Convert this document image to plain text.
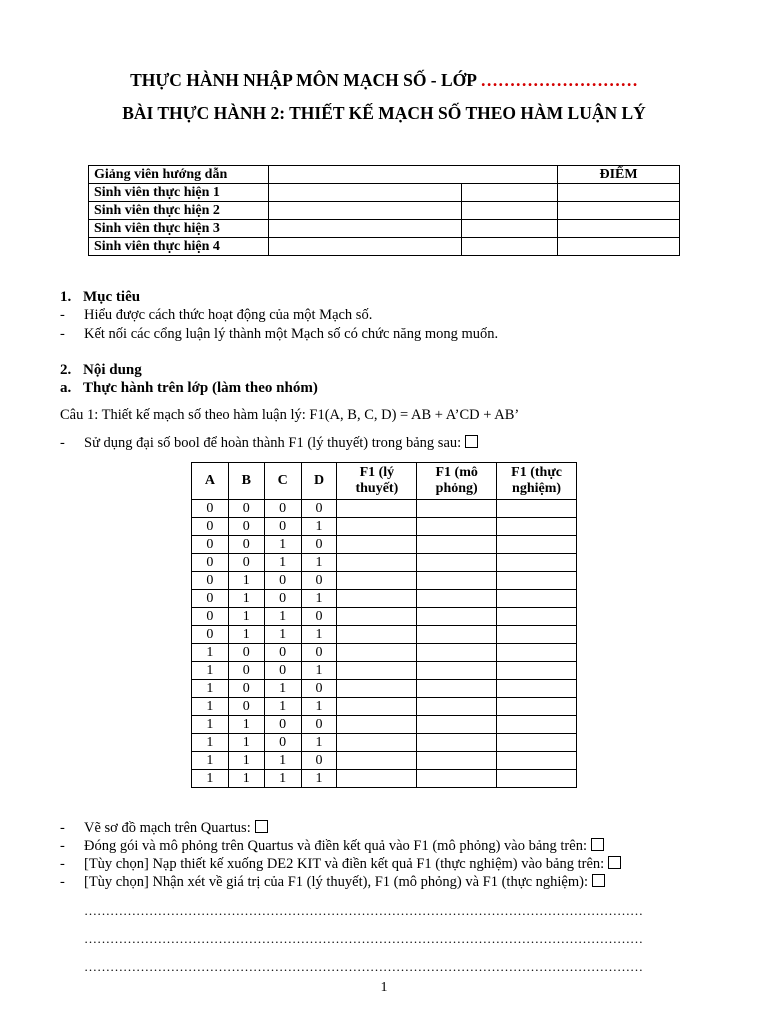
THỰC HÀNH NHẬP MÔN MẠCH SỐ - LỚP ………………………
BÀI THỰC HÀNH 2: THIẾT KẾ MẠCH SỐ THEO HÀM LUẬN LÝ
Giảng viên hướng dẫn			ĐIỂM
Sinh viên thực hiện 1			
Sinh viên thực hiện 2			
Sinh viên thực hiện 3			
Sinh viên thực hiện 4			
1. Mục tiêu
- Hiểu được cách thức hoạt động của một Mạch số.
- Kết nối các cổng luận lý thành một Mạch số có chức năng mong muốn.
2. Nội dung
a. Thực hành trên lớp (làm theo nhóm)
Câu 1: Thiết kế mạch số theo hàm luận lý: F1(A, B, C, D) = AB + A’CD + AB’
- Sử dụng đại số bool để hoàn thành F1 (lý thuyết) trong bảng sau:
A	B	C	D	F1 (lý thuyết)	F1 (mô phỏng)	F1 (thực nghiệm)
0	0	0	0			
0	0	0	1			
0	0	1	0			
0	0	1	1			
0	1	0	0			
0	1	0	1			
0	1	1	0			
0	1	1	1			
1	0	0	0			
1	0	0	1			
1	0	1	0			
1	0	1	1			
1	1	0	0			
1	1	0	1			
1	1	1	0			
1	1	1	1			
- Vẽ sơ đồ mạch trên Quartus:
- Đóng gói và mô phỏng trên Quartus và điền kết quả vào F1 (mô phỏng) vào bảng trên:
- [Tùy chọn] Nạp thiết kế xuống DE2 KIT và điền kết quả F1 (thực nghiệm) vào bảng trên:
- [Tùy chọn] Nhận xét về giá trị của F1 (lý thuyết), F1 (mô phỏng) và F1 (thực nghiệm):
…………………………………………………………………………………………………………………
…………………………………………………………………………………………………………………
…………………………………………………………………………………………………………………
1
